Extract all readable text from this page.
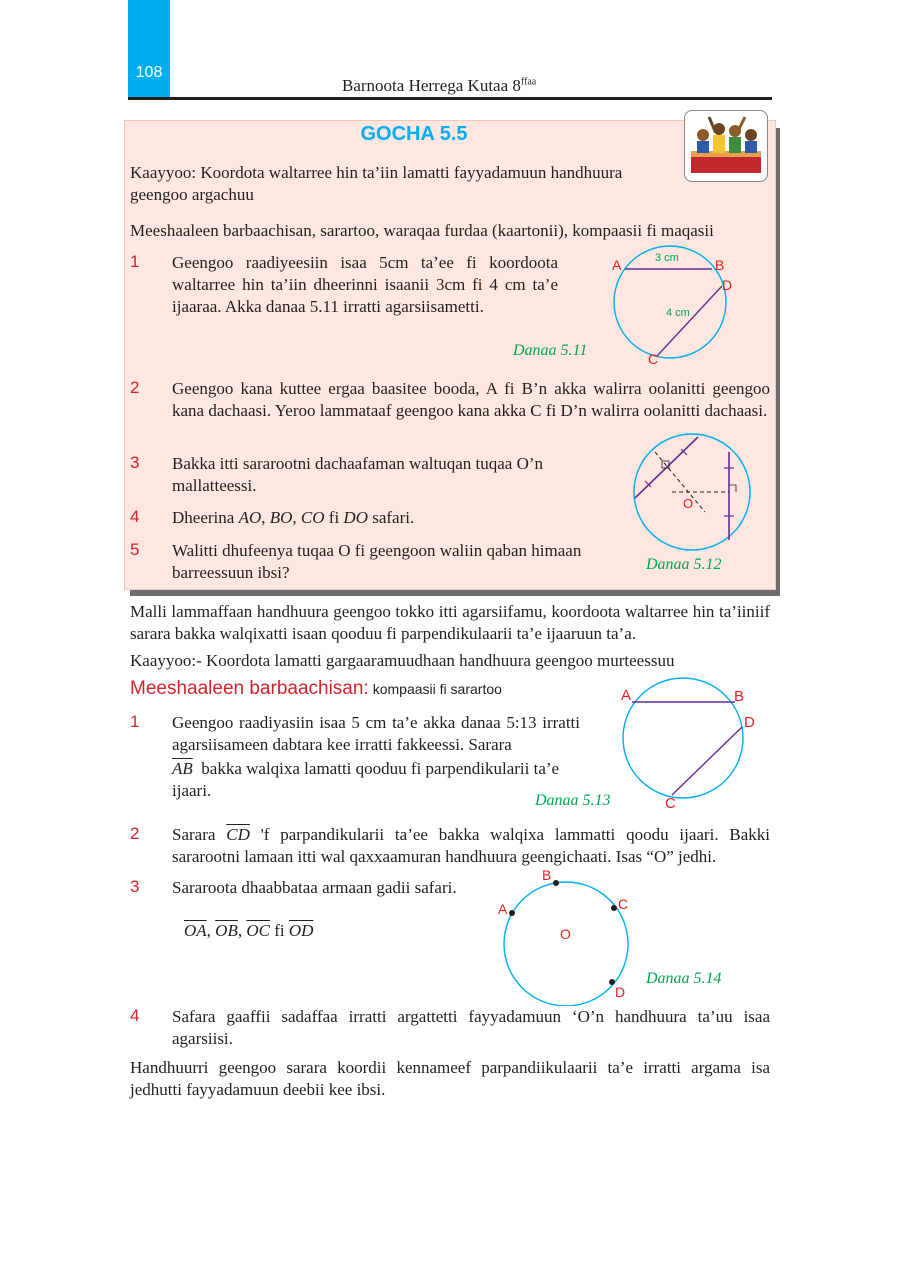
108
Barnoota Herrega Kutaa $8^{ffaa}$
GOCHA 5.5
Kaayyoo: Koordota waltarree hin ta’iin lamatti fayyadamuun handhuura geengoo argachuu
Meeshaaleen barbaachisan, sarartoo, waraqaa furdaa (kaartonii), kompaasii fi maqasii
1 Geengoo raadiyeesiin isaa 5cm ta’ee fi koordoota waltarree hin ta’iin dheerinni isaanii 3cm fi 4 cm ta’e ijaaraa. Akka danaa 5.11 irratti agarsiisametti.
A	B
D
C
3 cm
4 cm
Danaa 5.11
2 Geengoo kana kuttee ergaa baasitee booda, A fi B’n akka walirra oolanitti geengoo kana dachaasi. Yeroo lammataaf geengoo kana akka C fi D’n walirra oolanitti dachaasi.
3 Bakka itti sararootni dachaafaman waltuqan tuqaa O’n mallatteessi.
4 Dheerina AO, BO, CO fi DO safari.
5 Walitti dhufeenya tuqaa O fi geengoon waliin qaban himaan barreessuun ibsi?
O
Danaa 5.12
Malli lammaffaan handhuura geengoo tokko itti agarsiifamu, koordoota waltarree hin ta’iiniif sarara bakka walqixatti isaan qooduu fi parpendikulaarii ta’e ijaaruun ta’a.
Kaayyoo:- Koordota lamatti gargaaramuudhaan handhuura geengoo murteessuu
Meeshaaleen barbaachisan: kompaasii fi sarartoo
1 Geengoo raadiyasiin isaa 5 cm ta’e akka danaa 5:13 irratti agarsiisameen dabtara kee irratti fakkeessi. Sarara
$\overline{AB}$ bakka walqixa lamatti qooduu fi parpendikularii ta’e ijaari.
A	B
D
C
Danaa 5.13
2 Sarara $\overline{CD}$ 'f parpandikularii ta’ee bakka walqixa lammatti qoodu ijaari. Bakki sararootni lamaan itti wal qaxxaamuran handhuura geengichaati. Isas “O” jedhi.
3 Sararoota dhaabbataa armaan gadii safari.
$\overline{OA}$, $\overline{OB}$, $\overline{OC}$ fi $\overline{OD}$
A
B
C
D
O
Danaa 5.14
4 Safara gaaffii sadaffaa irratti argattetti fayyadamuun ‘O’n handhuura ta’uu isaa agarsiisi.
Handhuurri geengoo sarara koordii kennameef parpandiikulaarii ta’e irratti argama isa jedhutti fayyadamuun deebii kee ibsi.
